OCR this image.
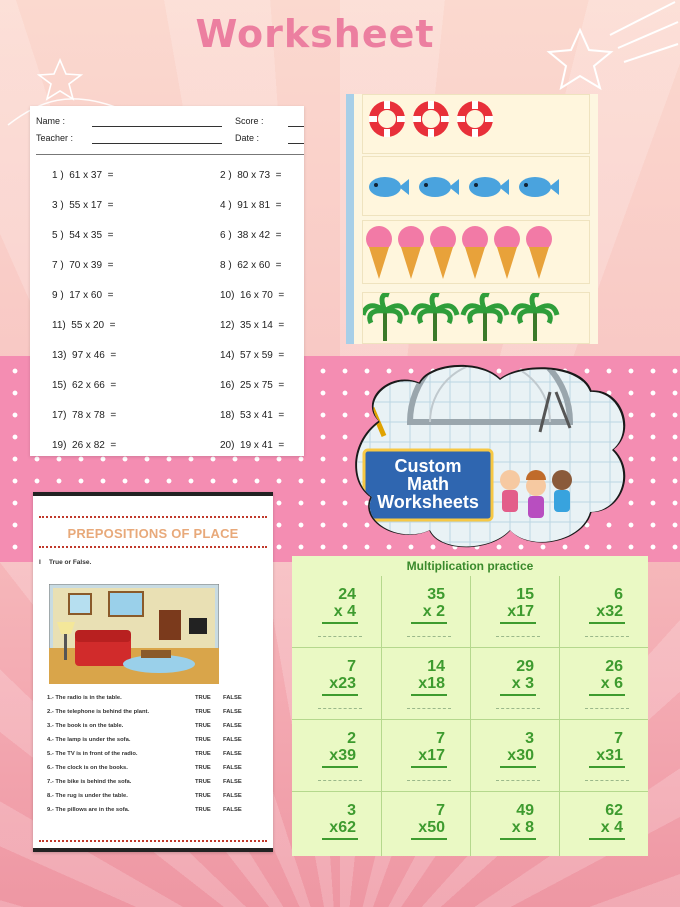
Worksheet
Name :
Teacher :
Score :
Date :
1 )  61 x 37  =	2 )  80 x 73  =
3 )  55 x 17  =	4 )  91 x 81  =
5 )  54 x 35  =	6 )  38 x 42  =
7 )  70 x 39  =	8 )  62 x 60  =
9 )  17 x 60  =	10)  16 x 70  =
11)  55 x 20  =	12)  35 x 14  =
13)  97 x 46  =	14)  57 x 59  =
15)  62 x 66  =	16)  25 x 75  =
17)  78 x 78  =	18)  53 x 41  =
19)  26 x 82  =	20)  19 x 41  =
Custom
Math
Worksheets
PREPOSITIONS OF PLACE
I True or False.
1.- The radio is in the table.	TRUE FALSE
2.- The telephone is behind the plant.	TRUE FALSE
3.- The book is on the table.	TRUE FALSE
4.- The lamp is under the sofa.	TRUE FALSE
5.- The TV is in front of the radio.	TRUE FALSE
6.- The clock is on the books.	TRUE FALSE
7.- The bike is behind the sofa.	TRUE FALSE
8.- The rug is under the table.	TRUE FALSE
9.- The pillows are in the sofa.	TRUE FALSE
Multiplication practice
24
x 4
35
x 2
15
x17
6
x32
7
x23
14
x18
29
x 3
26
x 6
2
x39
7
x17
3
x30
7
x31
3
x62
7
x50
49
x 8
62
x 4
